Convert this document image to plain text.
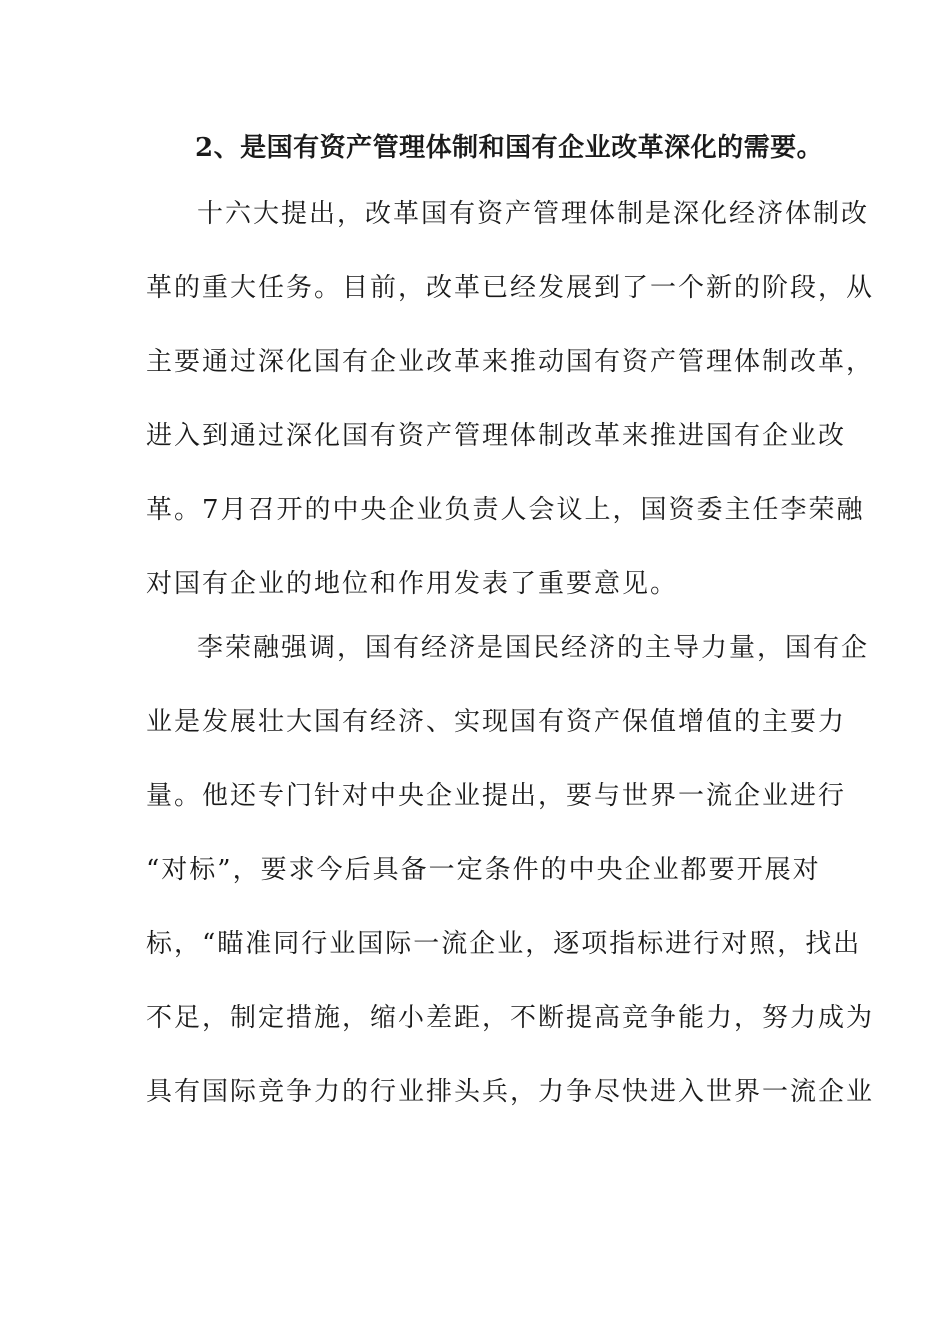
2、是国有资产管理体制和国有企业改革深化的需要。
十六大提出，改革国有资产管理体制是深化经济体制改
革的重大任务。目前，改革已经发展到了一个新的阶段，从
主要通过深化国有企业改革来推动国有资产管理体制改革，
进入到通过深化国有资产管理体制改革来推进国有企业改
革。7月召开的中央企业负责人会议上，国资委主任李荣融
对国有企业的地位和作用发表了重要意见。
李荣融强调，国有经济是国民经济的主导力量，国有企
业是发展壮大国有经济、实现国有资产保值增值的主要力
量。他还专门针对中央企业提出，要与世界一流企业进行
“对标”，要求今后具备一定条件的中央企业都要开展对
标，“瞄准同行业国际一流企业，逐项指标进行对照，找出
不足，制定措施，缩小差距，不断提高竞争能力，努力成为
具有国际竞争力的行业排头兵，力争尽快进入世界一流企业
